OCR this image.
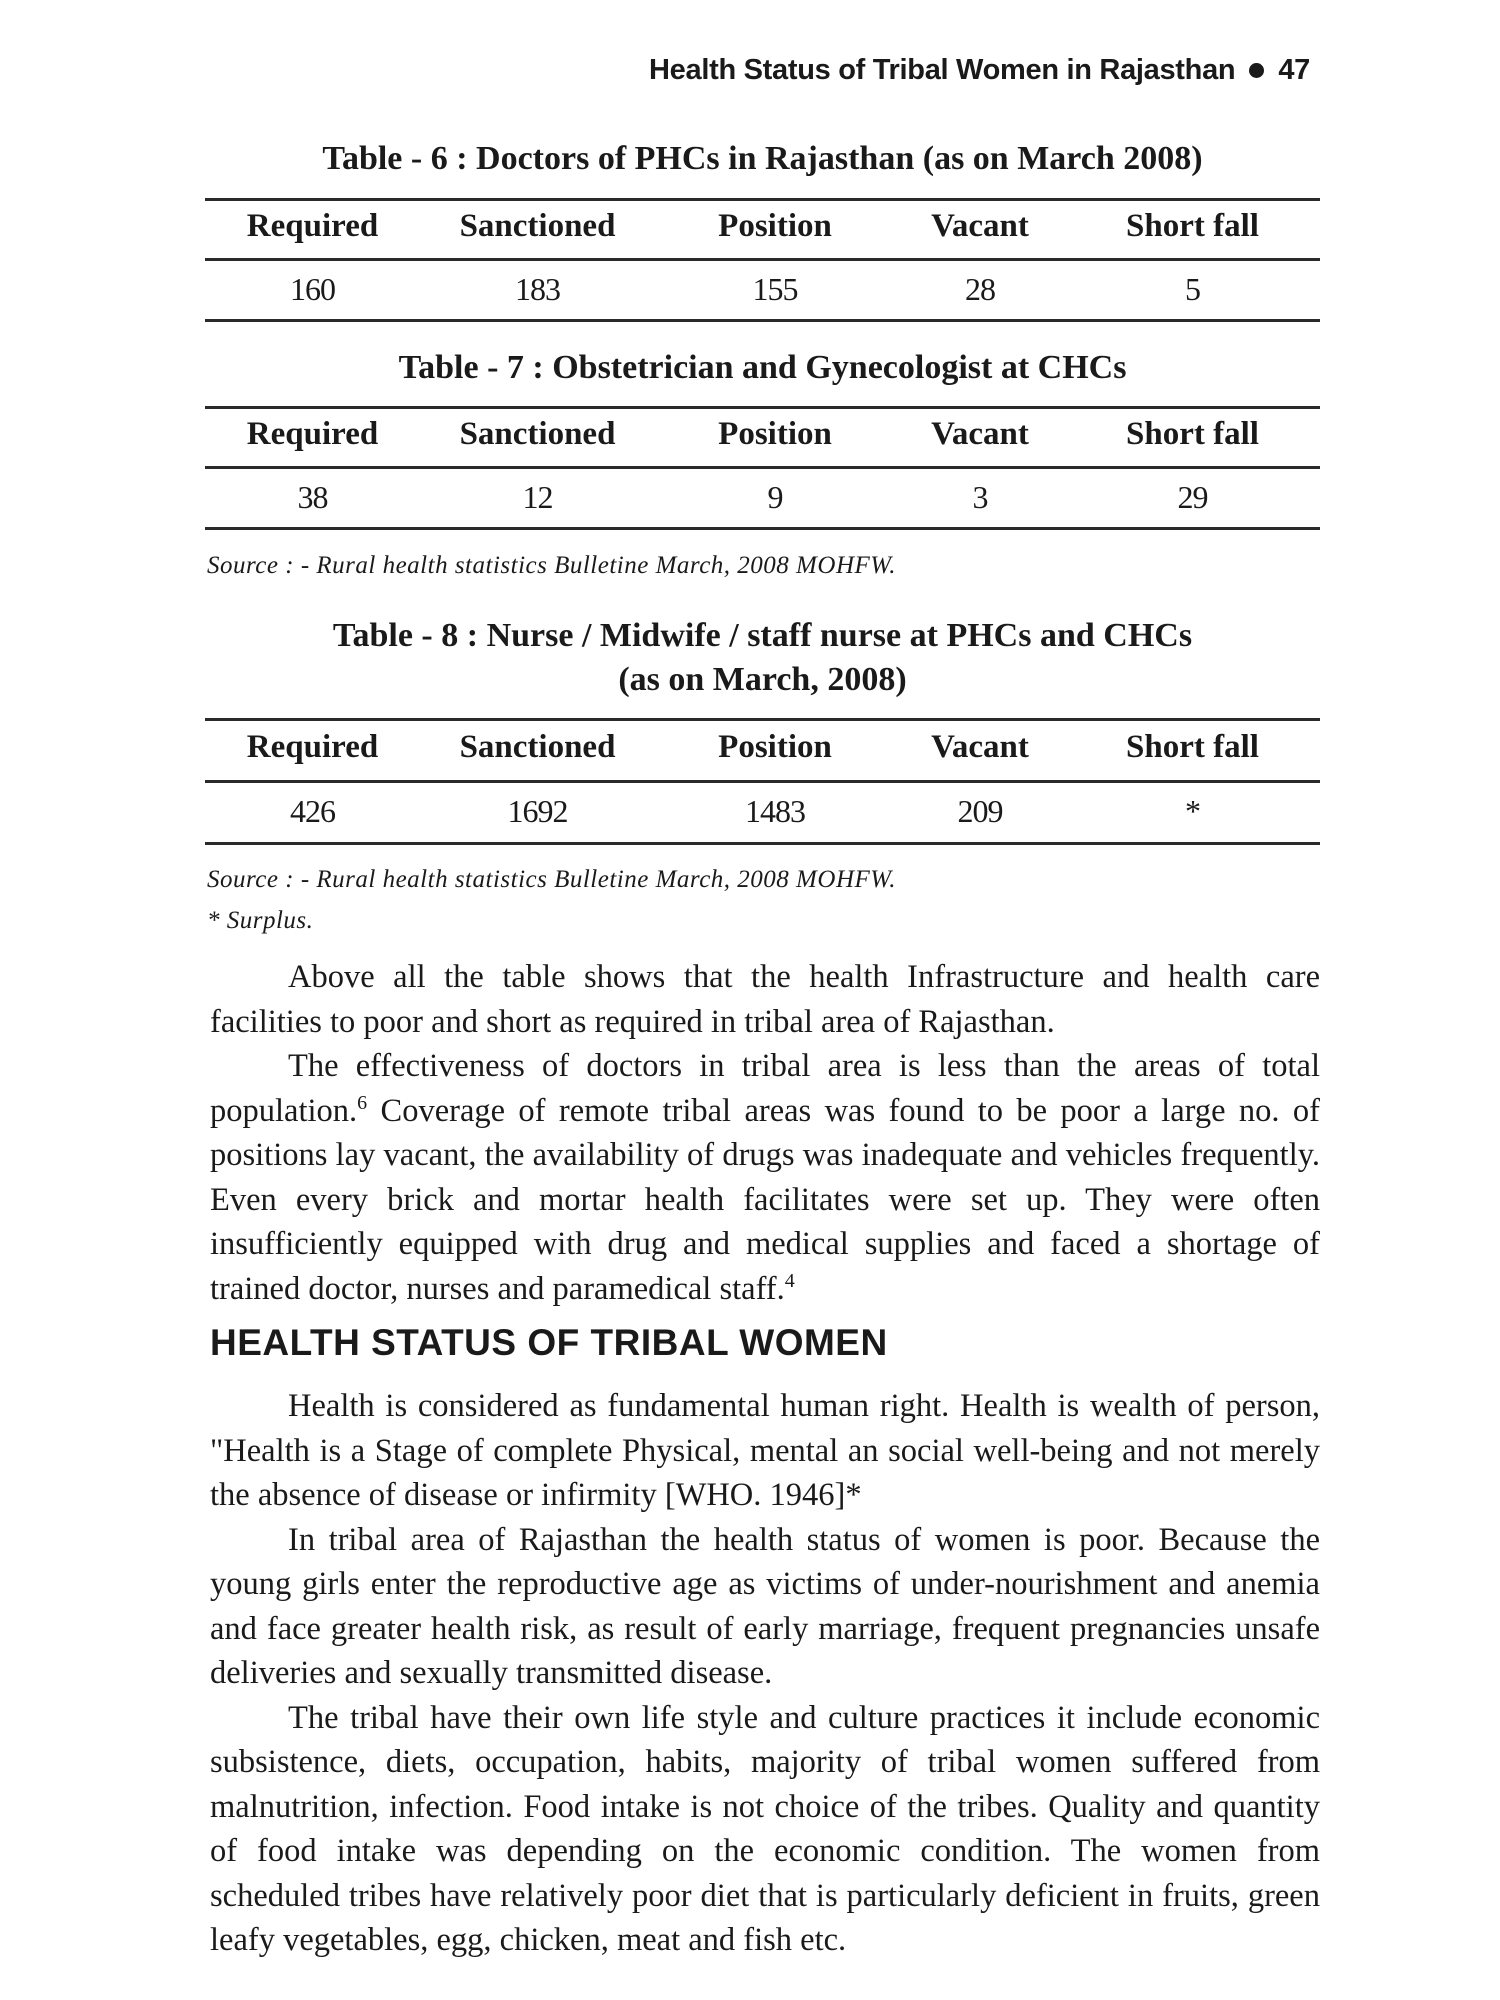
Health Status of Tribal Women in Rajasthan 47
Table - 6 : Doctors of PHCs in Rajasthan (as on March 2008)
Required	Sanctioned	Position	Vacant	Short fall
160	183	155	28	5
Table - 7 : Obstetrician and Gynecologist at CHCs
Required	Sanctioned	Position	Vacant	Short fall
38	12	9	3	29
Source : - Rural health statistics Bulletine March, 2008 MOHFW.
Table - 8 : Nurse / Midwife / staff nurse at PHCs and CHCs
(as on March, 2008)
Required	Sanctioned	Position	Vacant	Short fall
426	1692	1483	209	*
Source : - Rural health statistics Bulletine March, 2008 MOHFW.
* Surplus.

Above all the table shows that the health Infrastructure and health care facilities to poor and short as required in tribal area of Rajasthan.

The effectiveness of doctors in tribal area is less than the areas of total population.$^6$ Coverage of remote tribal areas was found to be poor a large no. of positions lay vacant, the availability of drugs was inadequate and vehicles frequently. Even every brick and mortar health facilitates were set up. They were often insufficiently equipped with drug and medical supplies and faced a shortage of trained doctor, nurses and paramedical staff.$^4$

HEALTH STATUS OF TRIBAL WOMEN

Health is considered as fundamental human right. Health is wealth of person, "Health is a Stage of complete Physical, mental an social well-being and not merely the absence of disease or infirmity [WHO. 1946]*

In tribal area of Rajasthan the health status of women is poor. Because the young girls enter the reproductive age as victims of under-nourishment and anemia and face greater health risk, as result of early marriage, frequent pregnancies unsafe deliveries and sexually transmitted disease.

The tribal have their own life style and culture practices it include economic subsistence, diets, occupation, habits, majority of tribal women suffered from malnutrition, infection. Food intake is not choice of the tribes. Quality and quantity of food intake was depending on the economic condition. The women from scheduled tribes have relatively poor diet that is particularly deficient in fruits, green leafy vegetables, egg, chicken, meat and fish etc.
